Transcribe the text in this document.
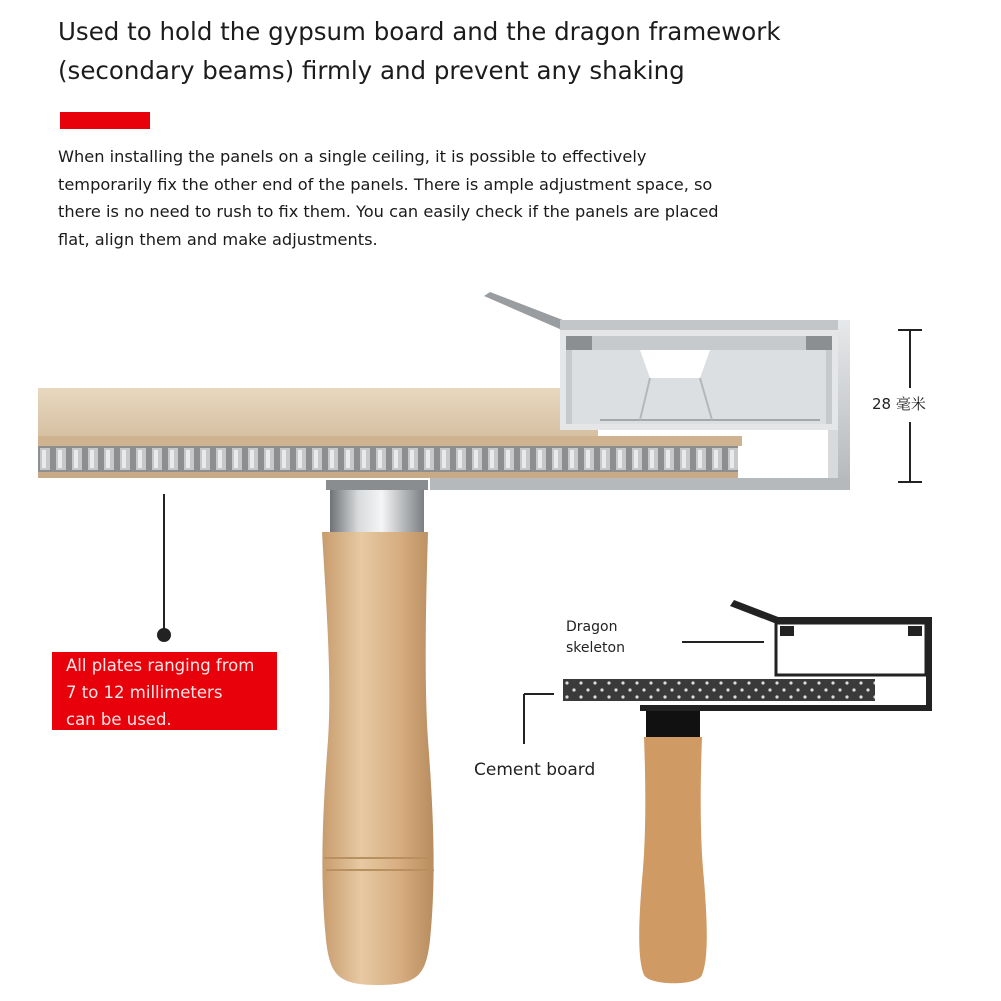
Used to hold the gypsum board and the dragon framework
(secondary beams) firmly and prevent any shaking

When installing the panels on a single ceiling, it is possible to effectively
temporarily fix the other end of the panels. There is ample adjustment space, so
there is no need to rush to fix them. You can easily check if the panels are placed
flat, align them and make adjustments.

28 毫米
All plates ranging from
7 to 12 millimeters
can be used.
Dragon
skeleton
Cement board
